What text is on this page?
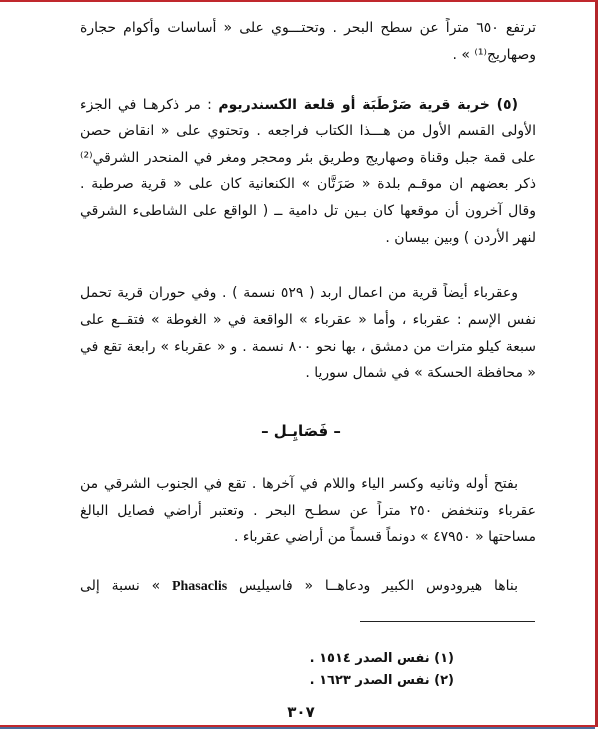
ترتفع ٦٥٠ متراً عن سطح البحر . وتحتـــوي على « أساسات وأكوام حجارة
وصهاريج⁽¹⁾ » .
(٥) خربة قرية صَرْطَبَة أو قلعة الكسندريوم : مر ذكرهـا في الجزء
الأولى القسم الأول من هـــذا الكتاب فراجعه . وتحتوي على « انقاض حصن
على قمة جبل وقناة وصهاريج وطريق بئر ومحجر ومغر في المنحدر الشرقي⁽²⁾
ذكر بعضهم ان موقـم بلدة « صَرَتَّان » الكنعانية كان على « قرية صرطبة .
وقال آخرون أن موقعها كان بـين تل دامية ــ ( الواقع على الشاطىء الشرقي
لنهر الأردن ) وبين بيسان .
وعقرباء أيضاً قرية من اعمال اربد ( ٥٢٩ نسمة ) . وفي حوران قرية تحمل
نفس الإسم : عقرباء ، وأما « عقرباء » الواقعة في « الغوطة » فتقــع على
سبعة كيلو مترات من دمشق ، بها نحو ٨٠٠ نسمة . و « عقرباء » رابعة تقع في
« محافظة الحسكة » في شمال سوريا .
– فَصَايِـل –
بفتح أوله وثانيه وكسر الياء واللام في آخرها . تقع في الجنوب الشرقي من
عقرباء وتنخفض ٢٥٠ متراً عن سطـح البحر . وتعتبر أراضي فصايل البالغ
مساحتها « ٤٧٩٥٠ » دونماً قسماً من أراضي عقرباء .
بناها هيرودوس الكبير ودعاهــا « فاسيليس Phasaclis » نسبة إلى
(١) نفس الصدر ١٥١٤ .
(٢) نفس الصدر ١٦٢٣ .
٣٠٧
